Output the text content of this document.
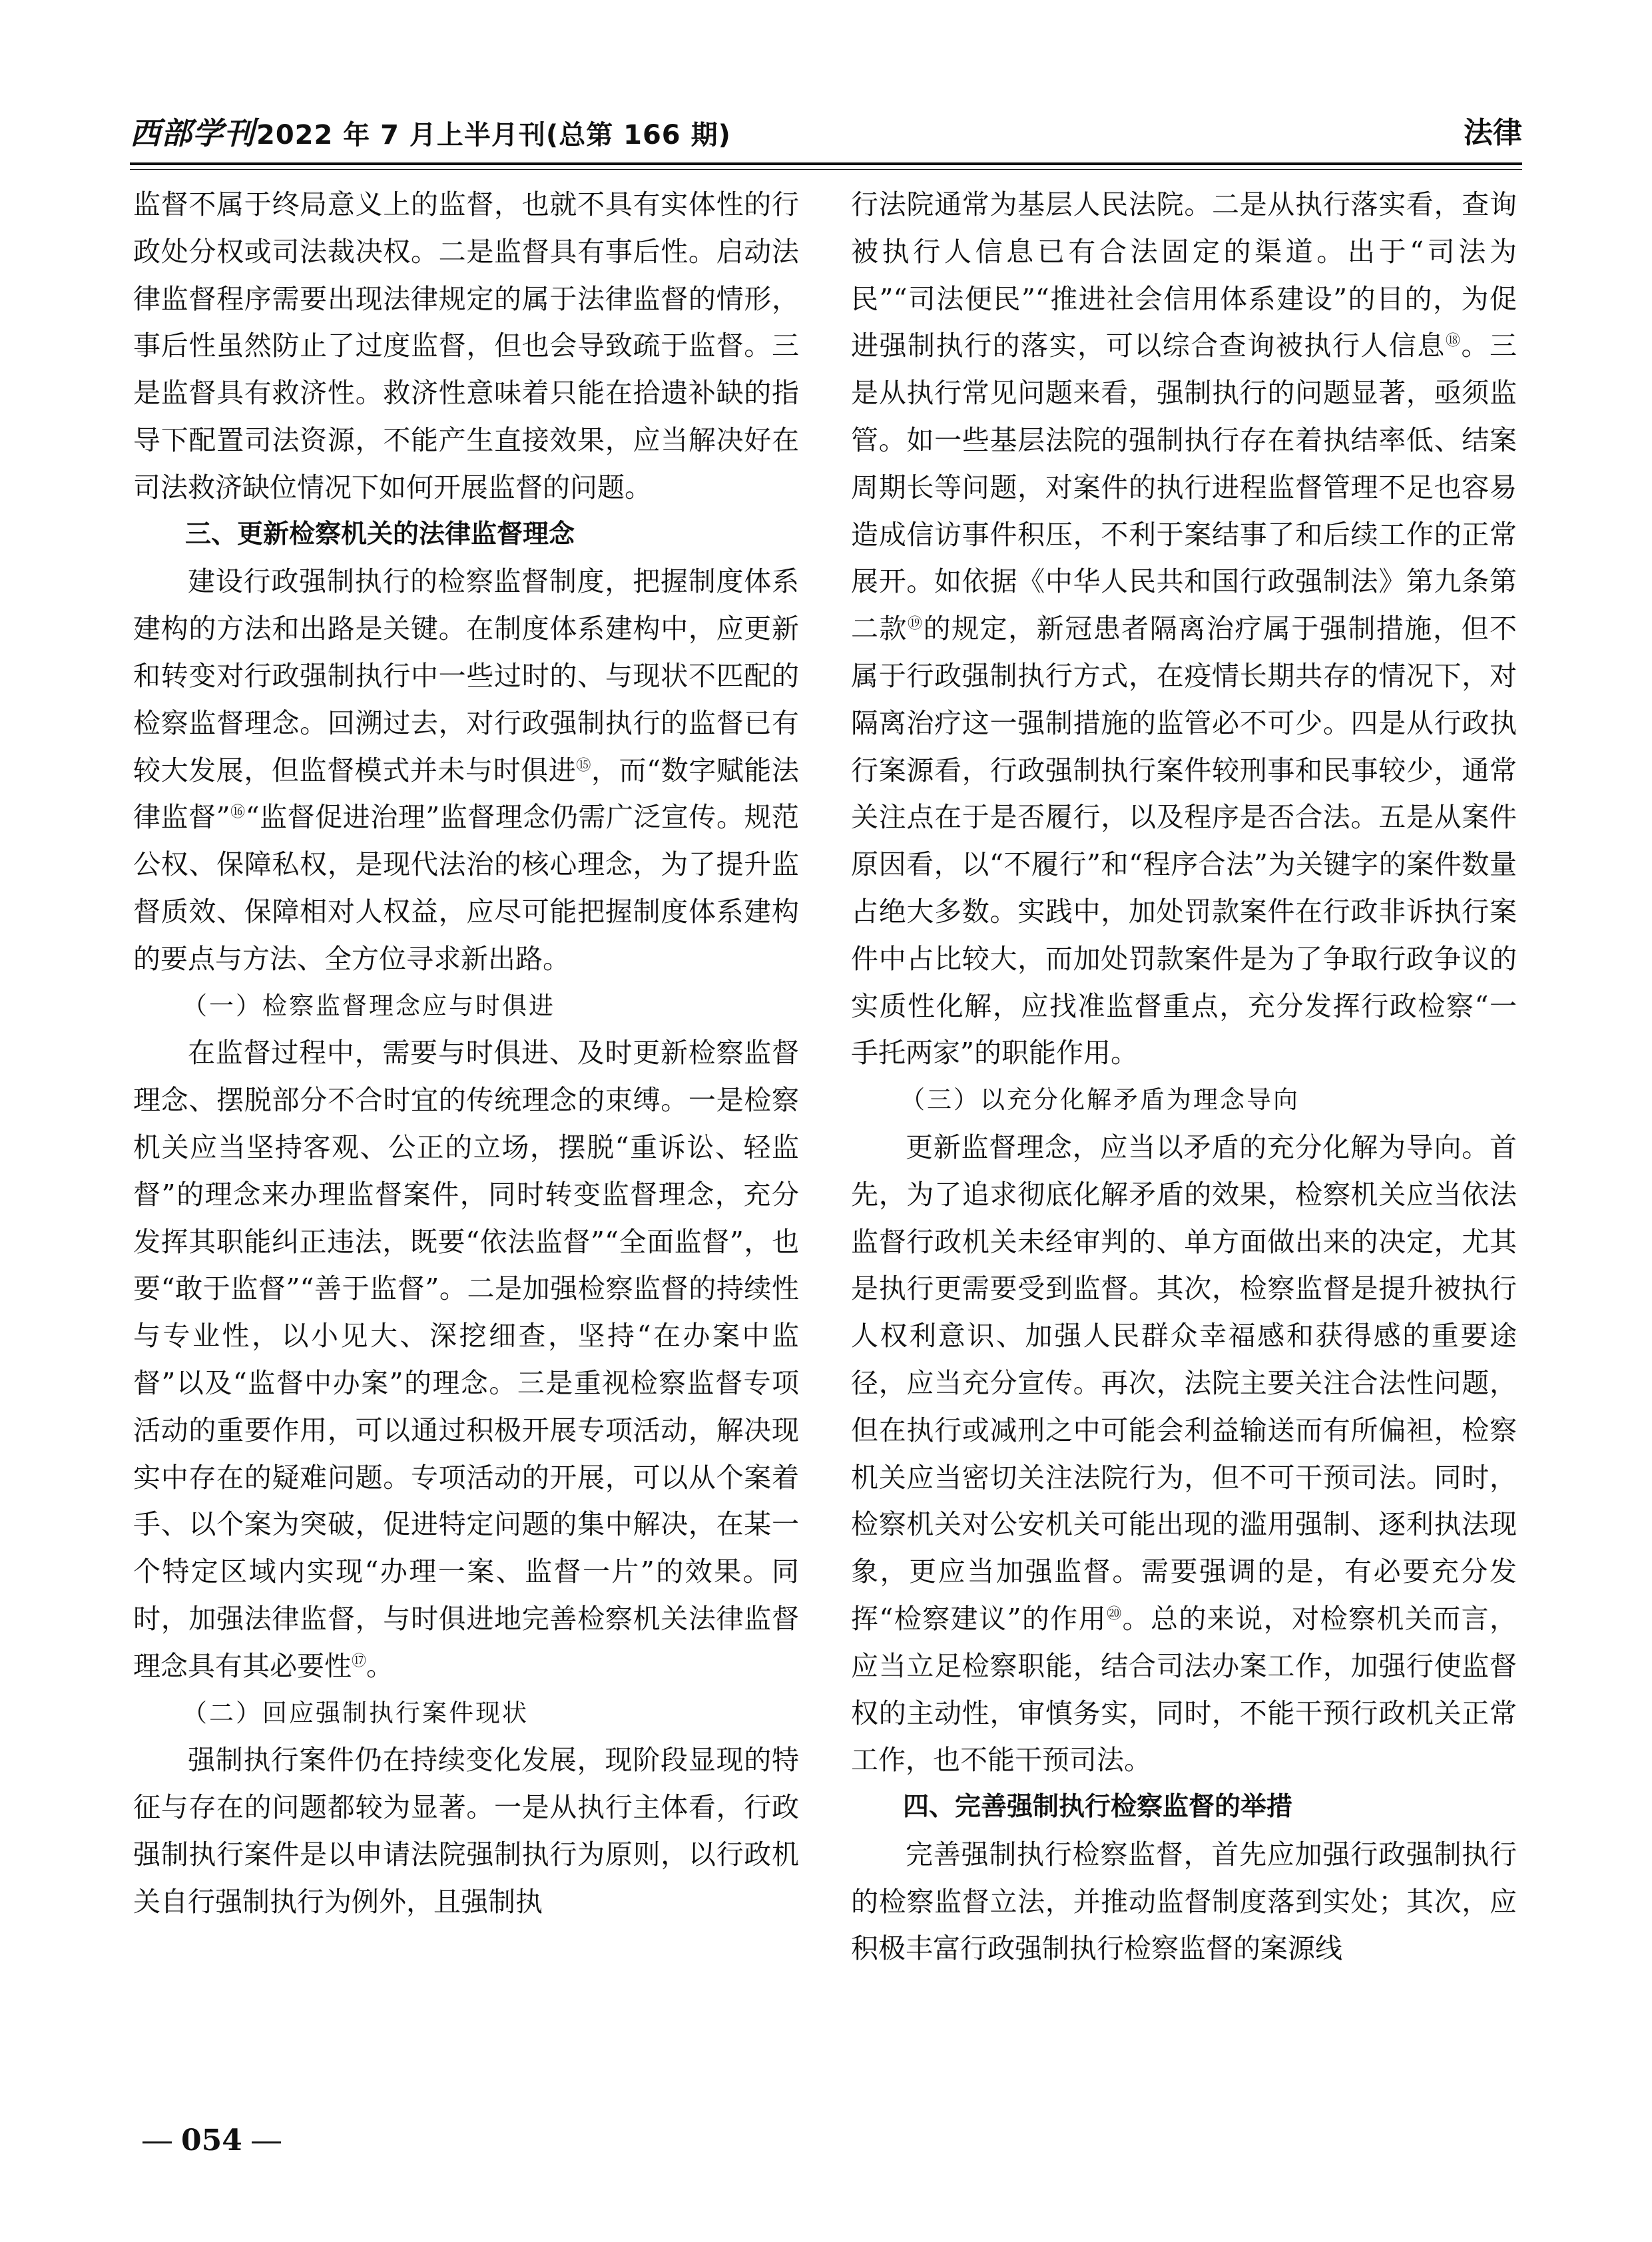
西部学刊2022 年 7 月上半月刊(总第 166 期)	法律

监督不属于终局意义上的监督，也就不具有实体性的行政处分权或司法裁决权。二是监督具有事后性。启动法律监督程序需要出现法律规定的属于法律监督的情形，事后性虽然防止了过度监督，但也会导致疏于监督。三是监督具有救济性。救济性意味着只能在拾遗补缺的指导下配置司法资源，不能产生直接效果，应当解决好在司法救济缺位情况下如何开展监督的问题。

三、更新检察机关的法律监督理念

建设行政强制执行的检察监督制度，把握制度体系建构的方法和出路是关键。在制度体系建构中，应更新和转变对行政强制执行中一些过时的、与现状不匹配的检察监督理念。回溯过去，对行政强制执行的监督已有较大发展，但监督模式并未与时俱进⑮，而“数字赋能法律监督”⑯“监督促进治理”监督理念仍需广泛宣传。规范公权、保障私权，是现代法治的核心理念，为了提升监督质效、保障相对人权益，应尽可能把握制度体系建构的要点与方法、全方位寻求新出路。

（一）检察监督理念应与时俱进

在监督过程中，需要与时俱进、及时更新检察监督理念、摆脱部分不合时宜的传统理念的束缚。一是检察机关应当坚持客观、公正的立场，摆脱“重诉讼、轻监督”的理念来办理监督案件，同时转变监督理念，充分发挥其职能纠正违法，既要“依法监督”“全面监督”，也要“敢于监督”“善于监督”。二是加强检察监督的持续性与专业性，以小见大、深挖细查，坚持“在办案中监督”以及“监督中办案”的理念。三是重视检察监督专项活动的重要作用，可以通过积极开展专项活动，解决现实中存在的疑难问题。专项活动的开展，可以从个案着手、以个案为突破，促进特定问题的集中解决，在某一个特定区域内实现“办理一案、监督一片”的效果。同时，加强法律监督，与时俱进地完善检察机关法律监督理念具有其必要性⑰。

（二）回应强制执行案件现状

强制执行案件仍在持续变化发展，现阶段显现的特征与存在的问题都较为显著。一是从执行主体看，行政强制执行案件是以申请法院强制执行为原则，以行政机关自行强制执行为例外，且强制执

行法院通常为基层人民法院。二是从执行落实看，查询被执行人信息已有合法固定的渠道。出于“司法为民”“司法便民”“推进社会信用体系建设”的目的，为促进强制执行的落实，可以综合查询被执行人信息⑱。三是从执行常见问题来看，强制执行的问题显著，亟须监管。如一些基层法院的强制执行存在着执结率低、结案周期长等问题，对案件的执行进程监督管理不足也容易造成信访事件积压，不利于案结事了和后续工作的正常展开。如依据《中华人民共和国行政强制法》第九条第二款⑲的规定，新冠患者隔离治疗属于强制措施，但不属于行政强制执行方式，在疫情长期共存的情况下，对隔离治疗这一强制措施的监管必不可少。四是从行政执行案源看，行政强制执行案件较刑事和民事较少，通常关注点在于是否履行，以及程序是否合法。五是从案件原因看，以“不履行”和“程序合法”为关键字的案件数量占绝大多数。实践中，加处罚款案件在行政非诉执行案件中占比较大，而加处罚款案件是为了争取行政争议的实质性化解，应找准监督重点，充分发挥行政检察“一手托两家”的职能作用。

（三）以充分化解矛盾为理念导向

更新监督理念，应当以矛盾的充分化解为导向。首先，为了追求彻底化解矛盾的效果，检察机关应当依法监督行政机关未经审判的、单方面做出来的决定，尤其是执行更需要受到监督。其次，检察监督是提升被执行人权利意识、加强人民群众幸福感和获得感的重要途径，应当充分宣传。再次，法院主要关注合法性问题，但在执行或减刑之中可能会利益输送而有所偏袒，检察机关应当密切关注法院行为，但不可干预司法。同时，检察机关对公安机关可能出现的滥用强制、逐利执法现象，更应当加强监督。需要强调的是，有必要充分发挥“检察建议”的作用⑳。总的来说，对检察机关而言，应当立足检察职能，结合司法办案工作，加强行使监督权的主动性，审慎务实，同时，不能干预行政机关正常工作，也不能干预司法。

四、完善强制执行检察监督的举措

完善强制执行检察监督，首先应加强行政强制执行的检察监督立法，并推动监督制度落到实处；其次，应积极丰富行政强制执行检察监督的案源线

054
